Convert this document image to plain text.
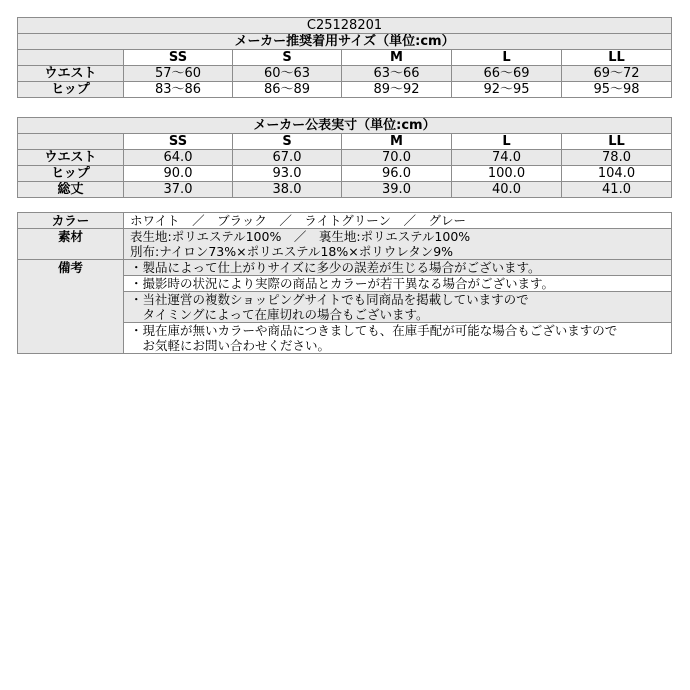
C25128201					
メーカー推奨着用サイズ（単位:cm）					
	SS	S	M	L	LL
ウエスト	57～60	60～63	63～66	66～69	69～72
ヒップ	83～86	86～89	89～92	92～95	95～98
メーカー公表実寸（単位:cm）					
	SS	S	M	L	LL
ウエスト	64.0	67.0	70.0	74.0	78.0
ヒップ	90.0	93.0	96.0	100.0	104.0
総丈	37.0	38.0	39.0	40.0	41.0
カラー	ホワイト　／　ブラック　／　ライトグリーン　／　グレー

素材	表生地:ポリエステル100%　／　裏生地:ポリエステル100%
別布:ナイロン73%×ポリエステル18%×ポリウレタン9%

備考	・製品によって仕上がりサイズに多少の誤差が生じる場合がございます。

	・撮影時の状況により実際の商品とカラーが若干異なる場合がございます。

	・当社運営の複数ショッピングサイトでも同商品を掲載していますので
　タイミングによって在庫切れの場合もございます。

	・現在庫が無いカラーや商品につきましても、在庫手配が可能な場合もございますので
　お気軽にお問い合わせください。
